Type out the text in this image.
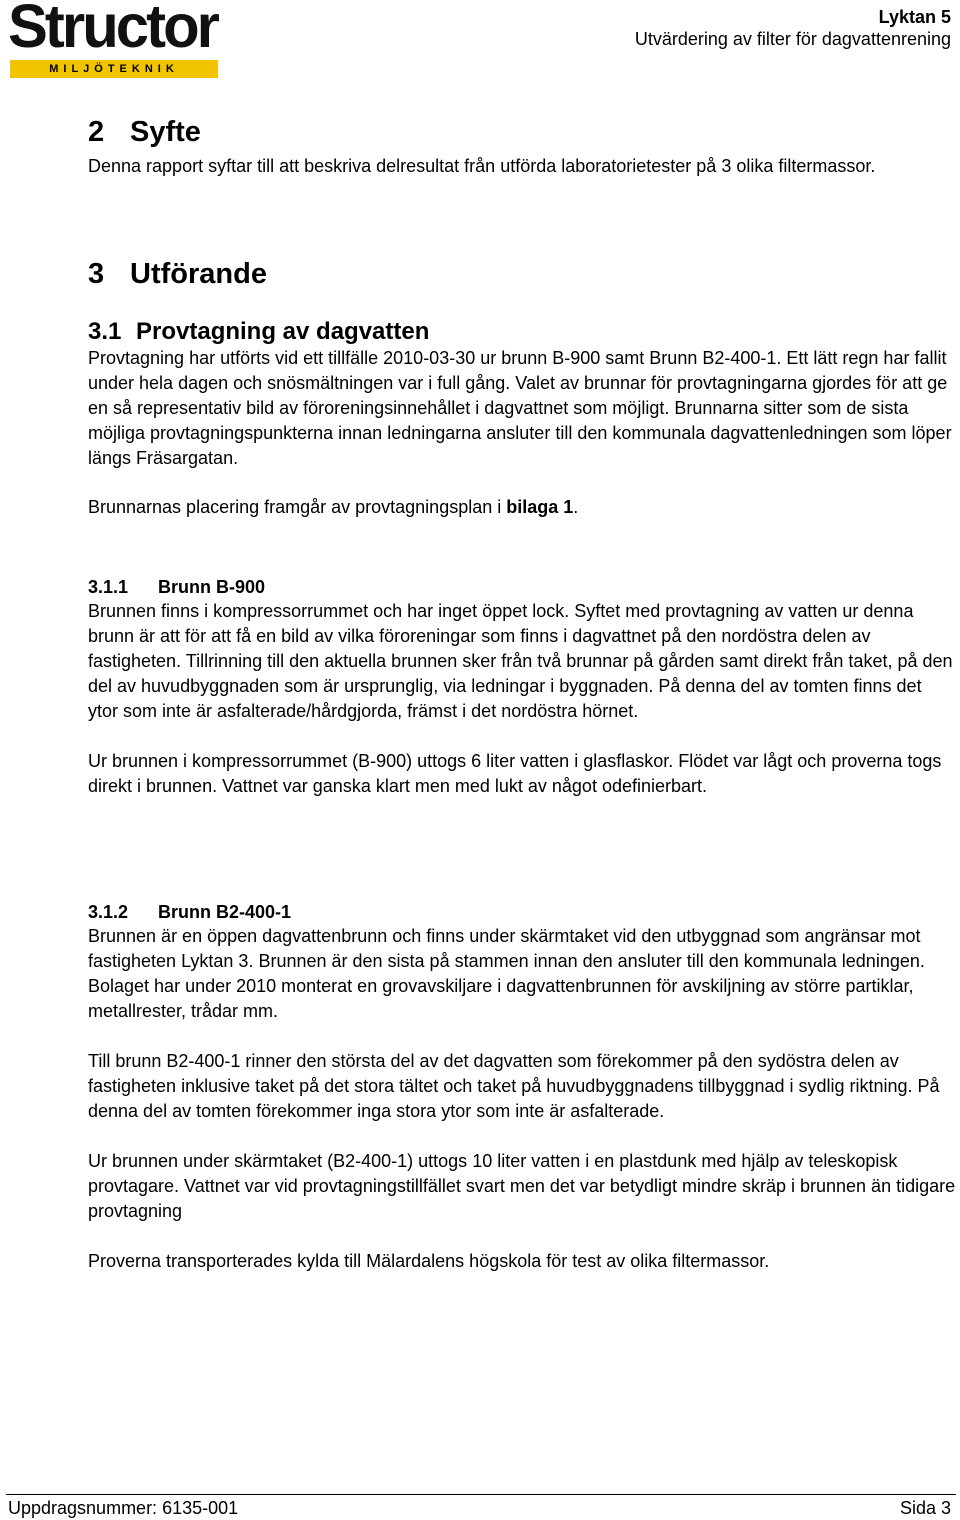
Structor
MILJÖTEKNIK
Lyktan 5
Utvärdering av filter för dagvattenrening
2 Syfte

Denna rapport syftar till att beskriva delresultat från utförda laboratorietester på 3 olika filtermassor.

3 Utförande
3.1 Provtagning av dagvatten

Provtagning har utförts vid ett tillfälle 2010-03-30 ur brunn B-900 samt Brunn B2-400-1. Ett lätt regn har fallit under hela dagen och snösmältningen var i full gång. Valet av brunnar för provtagningarna gjordes för att ge en så representativ bild av föroreningsinnehållet i dagvattnet som möjligt. Brunnarna sitter som de sista möjliga provtagningspunkterna innan ledningarna ansluter till den kommunala dagvattenledningen som löper längs Fräsargatan.

Brunnarnas placering framgår av provtagningsplan i bilaga 1.

3.1.1 Brunn B-900

Brunnen finns i kompressorrummet och har inget öppet lock. Syftet med provtagning av vatten ur denna brunn är att för att få en bild av vilka föroreningar som finns i dagvattnet på den nordöstra delen av fastigheten. Tillrinning till den aktuella brunnen sker från två brunnar på gården samt direkt från taket, på den del av huvudbyggnaden som är ursprunglig, via ledningar i byggnaden. På denna del av tomten finns det ytor som inte är asfalterade/hårdgjorda, främst i det nordöstra hörnet.

Ur brunnen i kompressorrummet (B-900) uttogs 6 liter vatten i glasflaskor. Flödet var lågt och proverna togs direkt i brunnen. Vattnet var ganska klart men med lukt av något odefinierbart.

3.1.2 Brunn B2-400-1

Brunnen är en öppen dagvattenbrunn och finns under skärmtaket vid den utbyggnad som angränsar mot fastigheten Lyktan 3. Brunnen är den sista på stammen innan den ansluter till den kommunala ledningen. Bolaget har under 2010 monterat en grovavskiljare i dagvattenbrunnen för avskiljning av större partiklar, metallrester, trådar mm.

Till brunn B2-400-1 rinner den största del av det dagvatten som förekommer på den sydöstra delen av fastigheten inklusive taket på det stora tältet och taket på huvudbyggnadens tillbyggnad i sydlig riktning. På denna del av tomten förekommer inga stora ytor som inte är asfalterade.

Ur brunnen under skärmtaket (B2-400-1) uttogs 10 liter vatten i en plastdunk med hjälp av teleskopisk provtagare. Vattnet var vid provtagningstillfället svart men det var betydligt mindre skräp i brunnen än tidigare provtagning

Proverna transporterades kylda till Mälardalens högskola för test av olika filtermassor.

Uppdragsnummer: 6135-001	Sida 3
